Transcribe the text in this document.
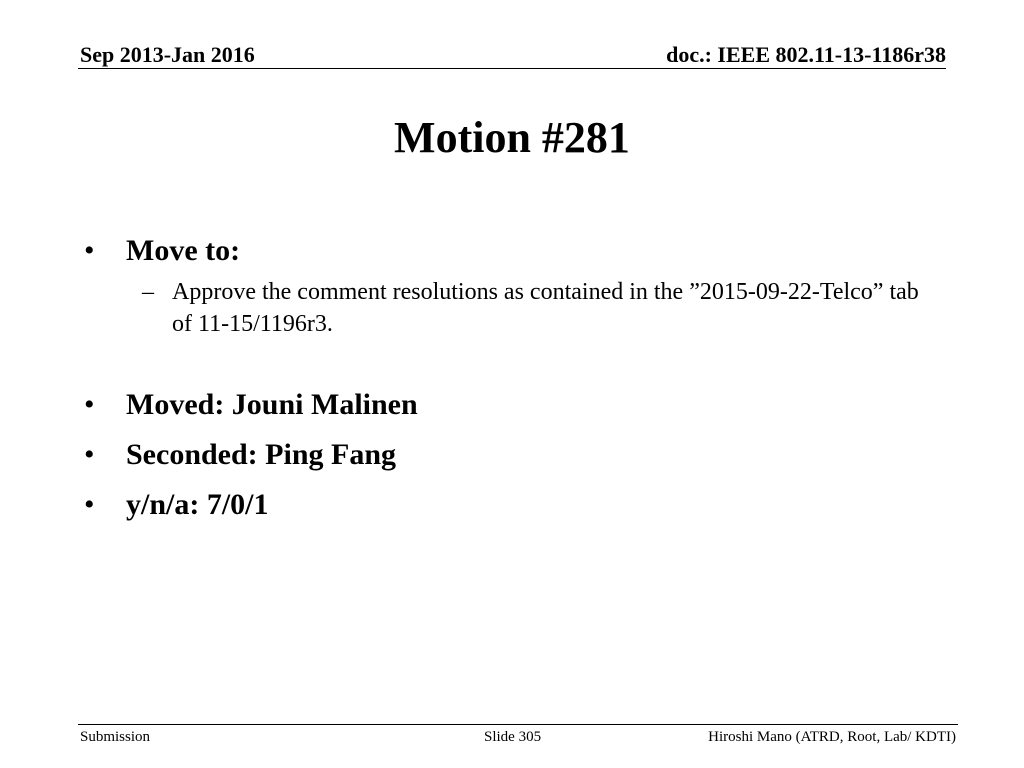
Sep 2013-Jan 2016	doc.: IEEE 802.11-13-1186r38
Motion #281
• Move to:
– Approve the comment resolutions as contained in the ”2015-09-22-Telco” tab of 11-15/1196r3.
• Moved: Jouni Malinen
• Seconded: Ping Fang
• y/n/a: 7/0/1
Submission	Slide 305	Hiroshi Mano (ATRD, Root, Lab/ KDTI)
